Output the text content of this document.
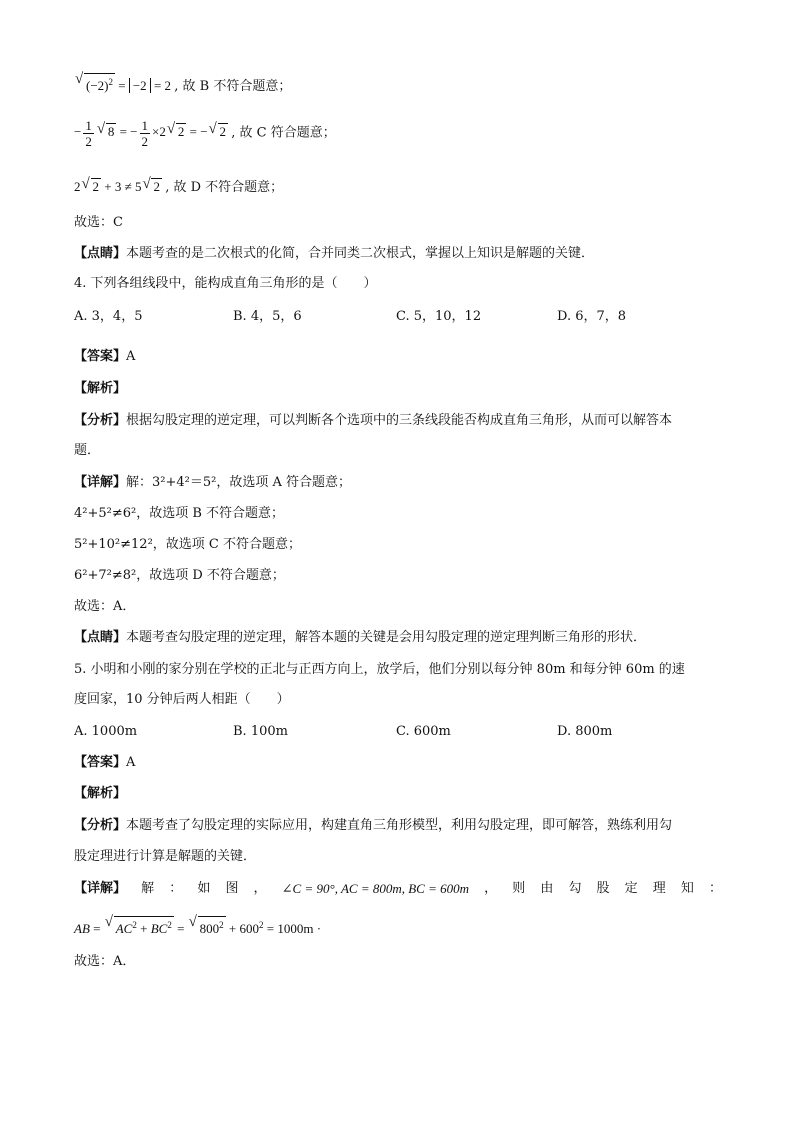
√ $(-2)^2 = -2 = 2$ , 故 B 不符合题意；
− $\frac{1}{2}$
√ 8 = − $\frac{1}{2} \times 2√$ 2 = −√ 2 , 故 C 符合题意；
2√ 2 + 3 ≠ 5√ 2 , 故 D 不符合题意；
故选：C
【点睛】本题考查的是二次根式的化简，合并同类二次根式，掌握以上知识是解题的关键．
4. 下列各组线段中，能构成直角三角形的是（　　）
A. 3，4，5	B. 4，5，6	C. 5，10，12	D. 6，7，8
【答案】A
【解析】
【分析】根据勾股定理的逆定理，可以判断各个选项中的三条线段能否构成直角三角形，从而可以解答本
题．
【详解】解：3²+4²＝5²，故选项 A 符合题意；
4²+5²≠6²，故选项 B 不符合题意；
5²+10²≠12²，故选项 C 不符合题意；
6²+7²≠8²，故选项 D 不符合题意；
故选：A．
【点睛】本题考查勾股定理的逆定理，解答本题的关键是会用勾股定理的逆定理判断三角形的形状．
5. 小明和小刚的家分别在学校的正北与正西方向上，放学后，他们分别以每分钟 80m 和每分钟 60m 的速
度回家，10 分钟后两人相距（　　）
A. 1000m	B. 100m	C. 600m	D. 800m
【答案】A
【解析】
【分析】本题考查了勾股定理的实际应用，构建直角三角形模型，利用勾股定理，即可解答，熟练利用勾
股定理进行计算是解题的关键．
【详解】 解 ： 如 图 ， ∠C = 90°, AC = 800m, BC = 600m ， 则 由 勾 股 定 理 知 ：
AB = √ $AC^2 + BC^2$ = √ $800^2 + 600^2 = 1000m$ ·
故选：A．
